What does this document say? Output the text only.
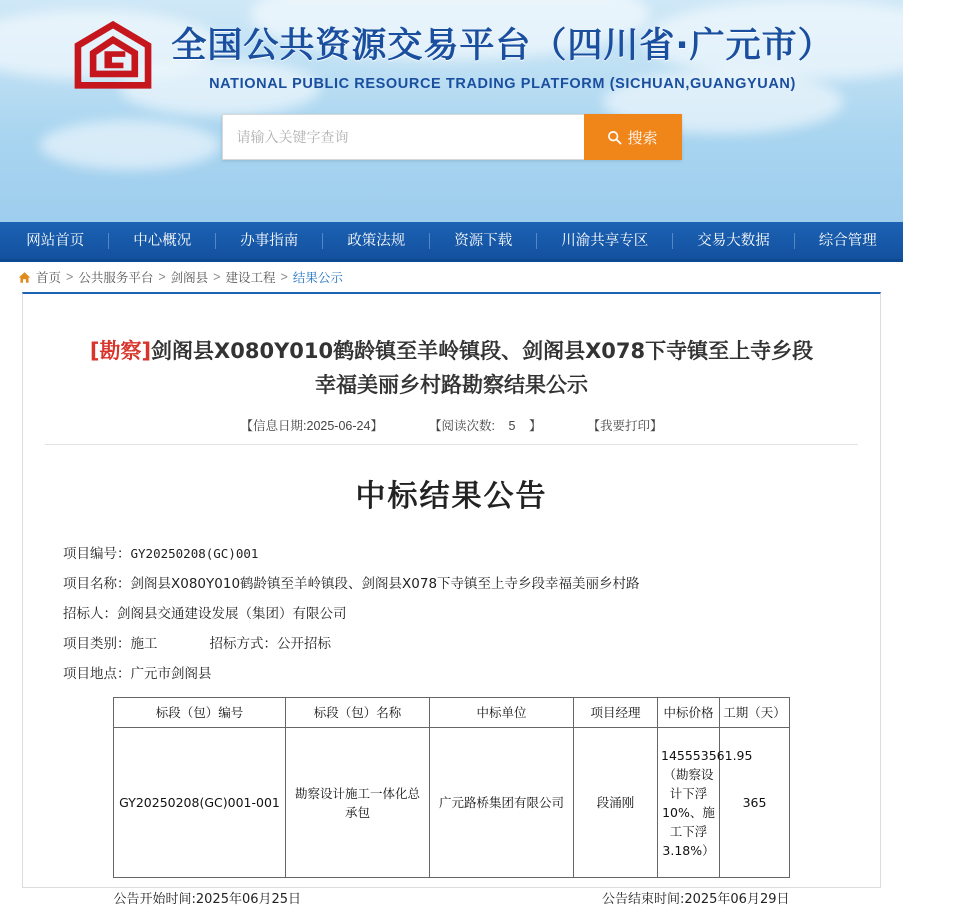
全国公共资源交易平台（四川省·广元市）
NATIONAL PUBLIC RESOURCE TRADING PLATFORM (SICHUAN,GUANGYUAN)
请输入关键字查询
搜索
网站首页	中心概况	办事指南	政策法规	资源下载	川渝共享专区	交易大数据	综合管理
首页 > 公共服务平台 > 剑阁县 > 建设工程 > 结果公示
[勘察]剑阁县X080Y010鹤龄镇至羊岭镇段、剑阁县X078下寺镇至上寺乡段幸福美丽乡村路勘察结果公示
【信息日期:2025-06-24】	【阅读次数: 5 】	【我要打印】
中标结果公告
项目编号：GY20250208(GC)001
项目名称：剑阁县X080Y010鹤龄镇至羊岭镇段、剑阁县X078下寺镇至上寺乡段幸福美丽乡村路
招标人：剑阁县交通建设发展（集团）有限公司
项目类别：施工	招标方式：公开招标
项目地点：广元市剑阁县
标段（包）编号	标段（包）名称	中标单位	项目经理	中标价格	工期（天）
GY20250208(GC)001-001	勘察设计施工一体化总承包	广元路桥集团有限公司	段涌刚	145553561.95（勘察设计下浮10%、施工下浮3.18%）	365
公告开始时间:2025年06月25日	公告结束时间:2025年06月29日
